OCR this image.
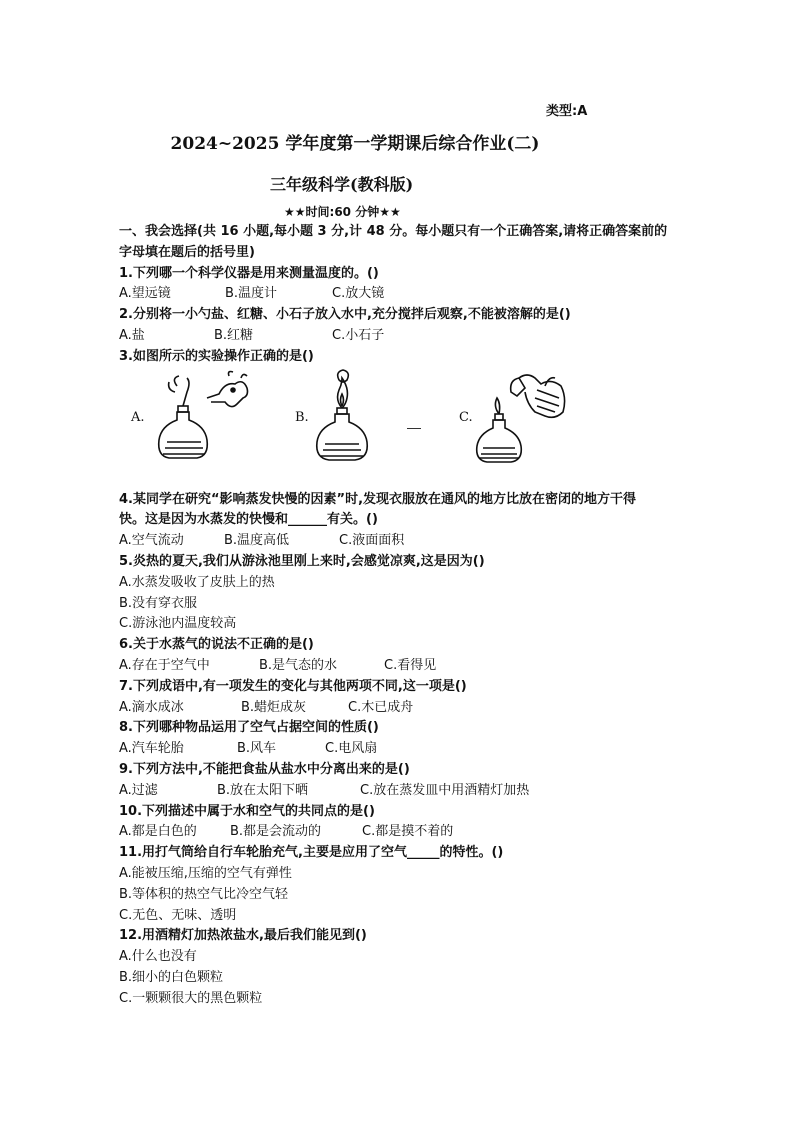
类型:A
2024~2025 学年度第一学期课后综合作业(二)
三年级科学(教科版)
★★时间:60 分钟★★
一、我会选择(共 16 小题,每小题 3 分,计 48 分。每小题只有一个正确答案,请将正确答案前的字母填在题后的括号里)
1.下列哪一个科学仪器是用来测量温度的。()
A.望远镜	B.温度计	C.放大镜
2.分别将一小勺盐、红糖、小石子放入水中,充分搅拌后观察,不能被溶解的是()
A.盐	B.红糖	C.小石子
3.如图所示的实验操作正确的是()
A.	B.	C.
4.某同学在研究“影响蒸发快慢的因素”时,发现衣服放在通风的地方比放在密闭的地方干得
快。这是因为水蒸发的快慢和______有关。()
A.空气流动	B.温度高低	C.液面面积
5.炎热的夏天,我们从游泳池里刚上来时,会感觉凉爽,这是因为()
A.水蒸发吸收了皮肤上的热
B.没有穿衣服
C.游泳池内温度较高
6.关于水蒸气的说法不正确的是()
A.存在于空气中	B.是气态的水	C.看得见
7.下列成语中,有一项发生的变化与其他两项不同,这一项是()
A.滴水成冰	B.蜡炬成灰	C.木已成舟
8.下列哪种物品运用了空气占据空间的性质()
A.汽车轮胎	B.风车	C.电风扇
9.下列方法中,不能把食盐从盐水中分离出来的是()
A.过滤	B.放在太阳下晒	C.放在蒸发皿中用酒精灯加热
10.下列描述中属于水和空气的共同点的是()
A.都是白色的	B.都是会流动的	C.都是摸不着的
11.用打气筒给自行车轮胎充气,主要是应用了空气_____的特性。()
A.能被压缩,压缩的空气有弹性
B.等体积的热空气比冷空气轻
C.无色、无味、透明
12.用酒精灯加热浓盐水,最后我们能见到()
A.什么也没有
B.细小的白色颗粒
C.一颗颗很大的黑色颗粒
